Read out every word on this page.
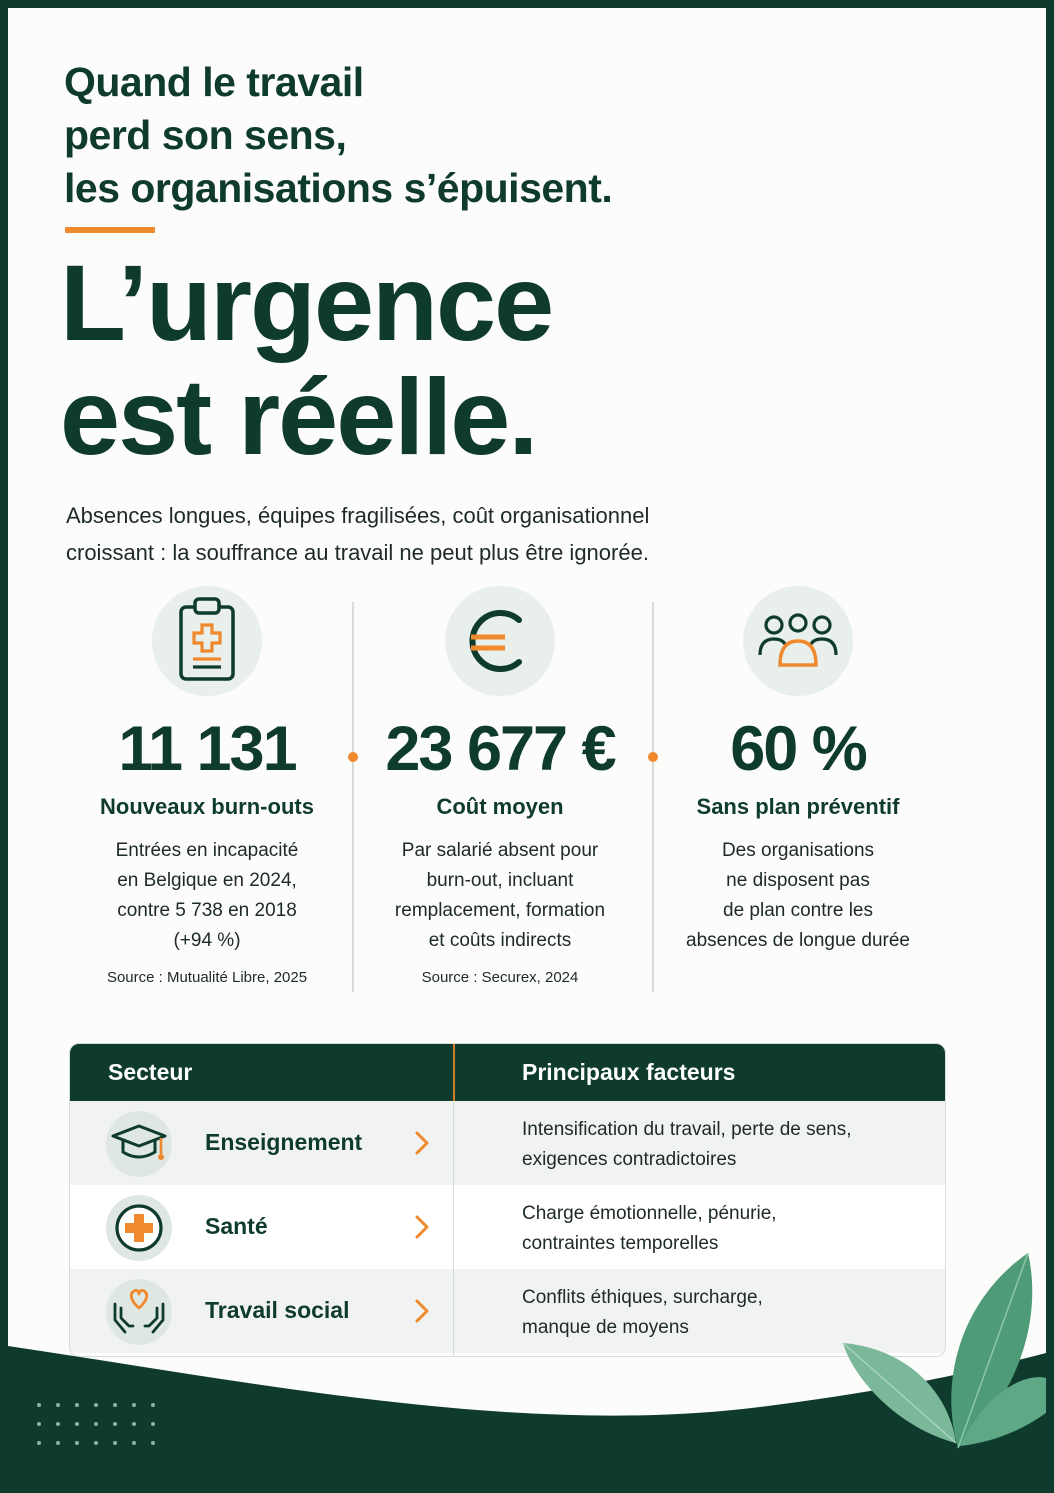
Quand le travail
perd son sens,
les organisations s’épuisent.
L’urgence
est réelle.

Absences longues, équipes fragilisées, coût organisationnel
croissant : la souffrance au travail ne peut plus être ignorée.

11 131
Nouveaux burn-outs
Entrées en incapacité
en Belgique en 2024,
contre 5 738 en 2018
(+94 %)
Source : Mutualité Libre, 2025
23 677 €
Coût moyen
Par salarié absent pour
burn-out, incluant
remplacement, formation
et coûts indirects
Source : Securex, 2024
60 %
Sans plan préventif
Des organisations
ne disposent pas
de plan contre les
absences de longue durée
Secteur	Principaux facteurs
Enseignement	Intensification du travail, perte de sens,
exigences contradictoires
Santé	Charge émotionnelle, pénurie,
contraintes temporelles
Travail social	Conflits éthiques, surcharge,
manque de moyens
